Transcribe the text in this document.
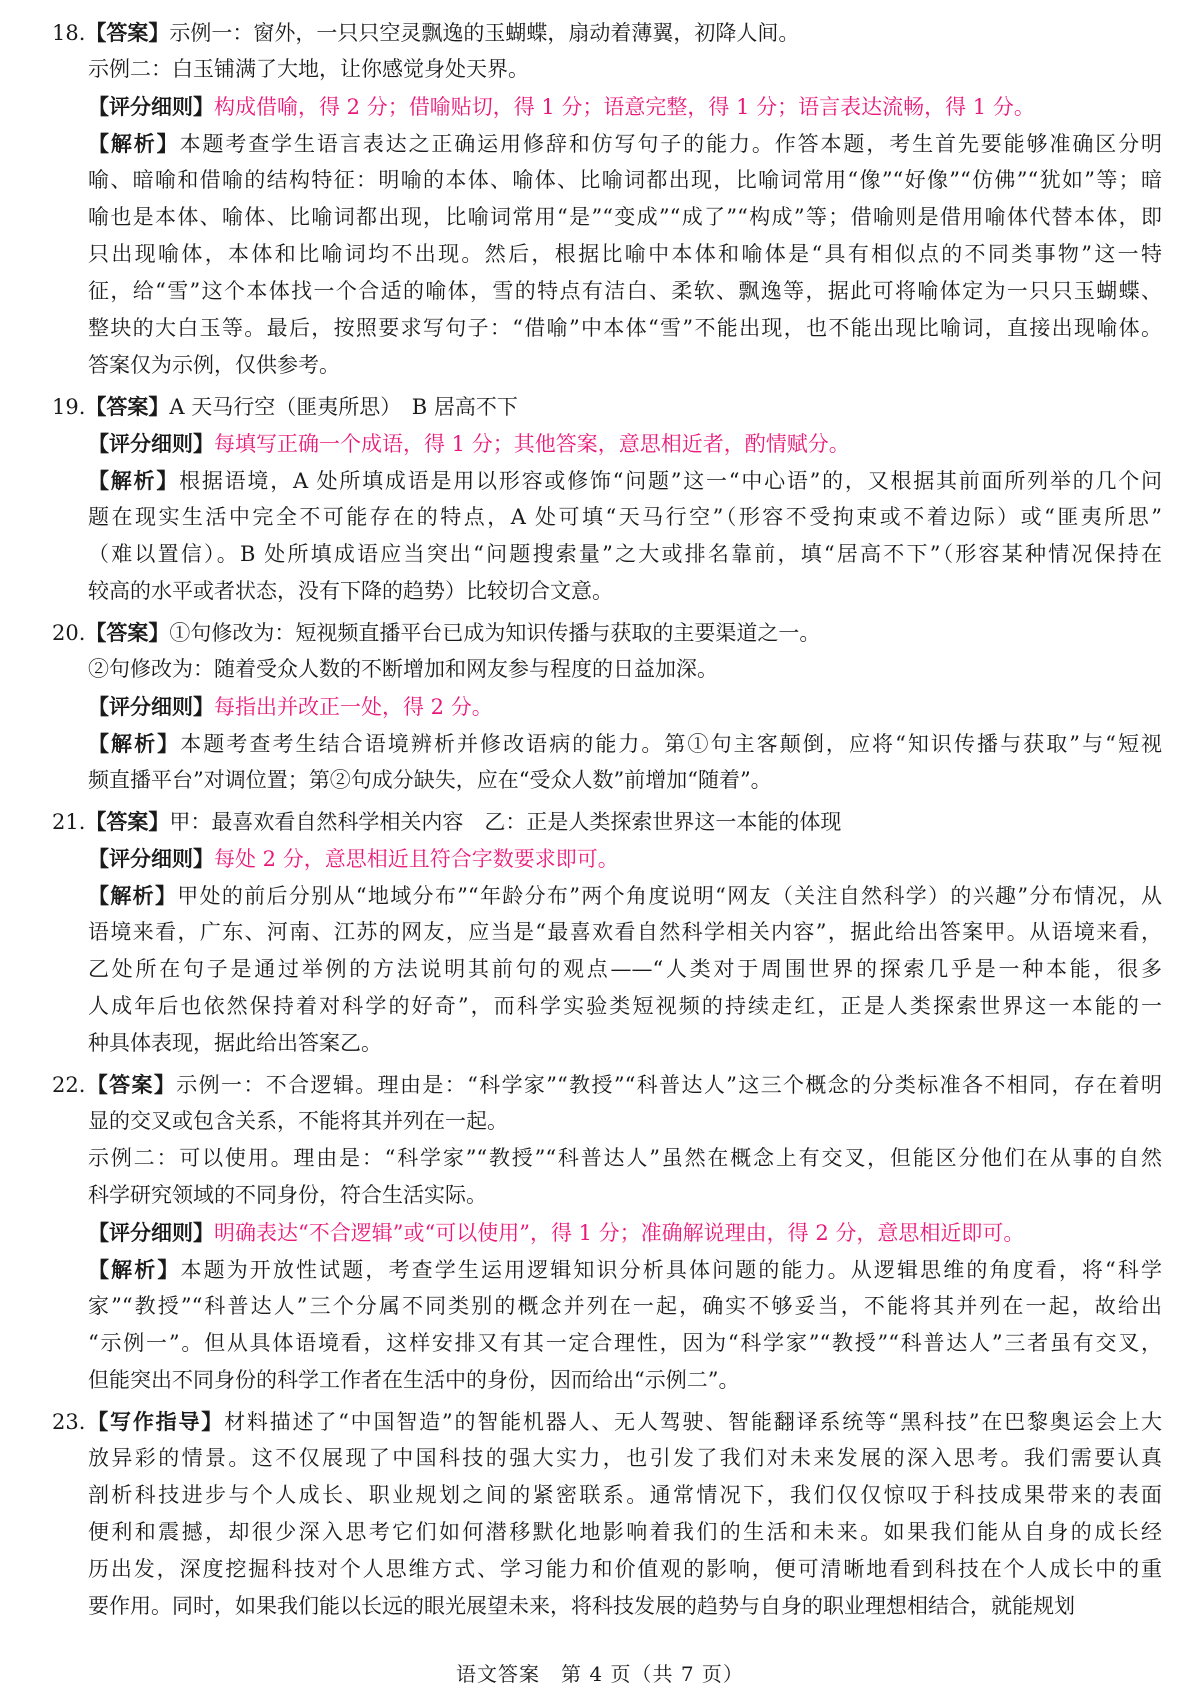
18.【答案】示例一：窗外，一只只空灵飘逸的玉蝴蝶，扇动着薄翼，初降人间。
示例二：白玉铺满了大地，让你感觉身处天界。
【评分细则】构成借喻，得 2 分；借喻贴切，得 1 分；语意完整，得 1 分；语言表达流畅，得 1 分。
【解析】本题考查学生语言表达之正确运用修辞和仿写句子的能力。作答本题，考生首先要能够准确区分明
喻、暗喻和借喻的结构特征：明喻的本体、喻体、比喻词都出现，比喻词常用“像”“好像”“仿佛”“犹如”等；暗
喻也是本体、喻体、比喻词都出现，比喻词常用“是”“变成”“成了”“构成”等；借喻则是借用喻体代替本体，即
只出现喻体，本体和比喻词均不出现。然后，根据比喻中本体和喻体是“具有相似点的不同类事物”这一特
征，给“雪”这个本体找一个合适的喻体，雪的特点有洁白、柔软、飘逸等，据此可将喻体定为一只只玉蝴蝶、
整块的大白玉等。最后，按照要求写句子：“借喻”中本体“雪”不能出现，也不能出现比喻词，直接出现喻体。
答案仅为示例，仅供参考。
19.【答案】A 天马行空（匪夷所思）　B 居高不下
【评分细则】每填写正确一个成语，得 1 分；其他答案，意思相近者，酌情赋分。
【解析】根据语境，A 处所填成语是用以形容或修饰“问题”这一“中心语”的，又根据其前面所列举的几个问
题在现实生活中完全不可能存在的特点，A 处可填“天马行空”（形容不受拘束或不着边际）或“匪夷所思”
（难以置信）。B 处所填成语应当突出“问题搜索量”之大或排名靠前，填“居高不下”（形容某种情况保持在
较高的水平或者状态，没有下降的趋势）比较切合文意。
20.【答案】①句修改为：短视频直播平台已成为知识传播与获取的主要渠道之一。
②句修改为：随着受众人数的不断增加和网友参与程度的日益加深。
【评分细则】每指出并改正一处，得 2 分。
【解析】本题考查考生结合语境辨析并修改语病的能力。第①句主客颠倒，应将“知识传播与获取”与“短视
频直播平台”对调位置；第②句成分缺失，应在“受众人数”前增加“随着”。
21.【答案】甲：最喜欢看自然科学相关内容　乙：正是人类探索世界这一本能的体现
【评分细则】每处 2 分，意思相近且符合字数要求即可。
【解析】甲处的前后分别从“地域分布”“年龄分布”两个角度说明“网友（关注自然科学）的兴趣”分布情况，从
语境来看，广东、河南、江苏的网友，应当是“最喜欢看自然科学相关内容”，据此给出答案甲。从语境来看，
乙处所在句子是通过举例的方法说明其前句的观点——“人类对于周围世界的探索几乎是一种本能，很多
人成年后也依然保持着对科学的好奇”，而科学实验类短视频的持续走红，正是人类探索世界这一本能的一
种具体表现，据此给出答案乙。
22.【答案】示例一：不合逻辑。理由是：“科学家”“教授”“科普达人”这三个概念的分类标准各不相同，存在着明
显的交叉或包含关系，不能将其并列在一起。
示例二：可以使用。理由是：“科学家”“教授”“科普达人”虽然在概念上有交叉，但能区分他们在从事的自然
科学研究领域的不同身份，符合生活实际。
【评分细则】明确表达“不合逻辑”或“可以使用”，得 1 分；准确解说理由，得 2 分，意思相近即可。
【解析】本题为开放性试题，考查学生运用逻辑知识分析具体问题的能力。从逻辑思维的角度看，将“科学
家”“教授”“科普达人”三个分属不同类别的概念并列在一起，确实不够妥当，不能将其并列在一起，故给出
“示例一”。但从具体语境看，这样安排又有其一定合理性，因为“科学家”“教授”“科普达人”三者虽有交叉，
但能突出不同身份的科学工作者在生活中的身份，因而给出“示例二”。
23.【写作指导】材料描述了“中国智造”的智能机器人、无人驾驶、智能翻译系统等“黑科技”在巴黎奥运会上大
放异彩的情景。这不仅展现了中国科技的强大实力，也引发了我们对未来发展的深入思考。我们需要认真
剖析科技进步与个人成长、职业规划之间的紧密联系。通常情况下，我们仅仅惊叹于科技成果带来的表面
便利和震撼，却很少深入思考它们如何潜移默化地影响着我们的生活和未来。如果我们能从自身的成长经
历出发，深度挖掘科技对个人思维方式、学习能力和价值观的影响，便可清晰地看到科技在个人成长中的重
要作用。同时，如果我们能以长远的眼光展望未来，将科技发展的趋势与自身的职业理想相结合，就能规划
语文答案　第 4 页（共 7 页）
